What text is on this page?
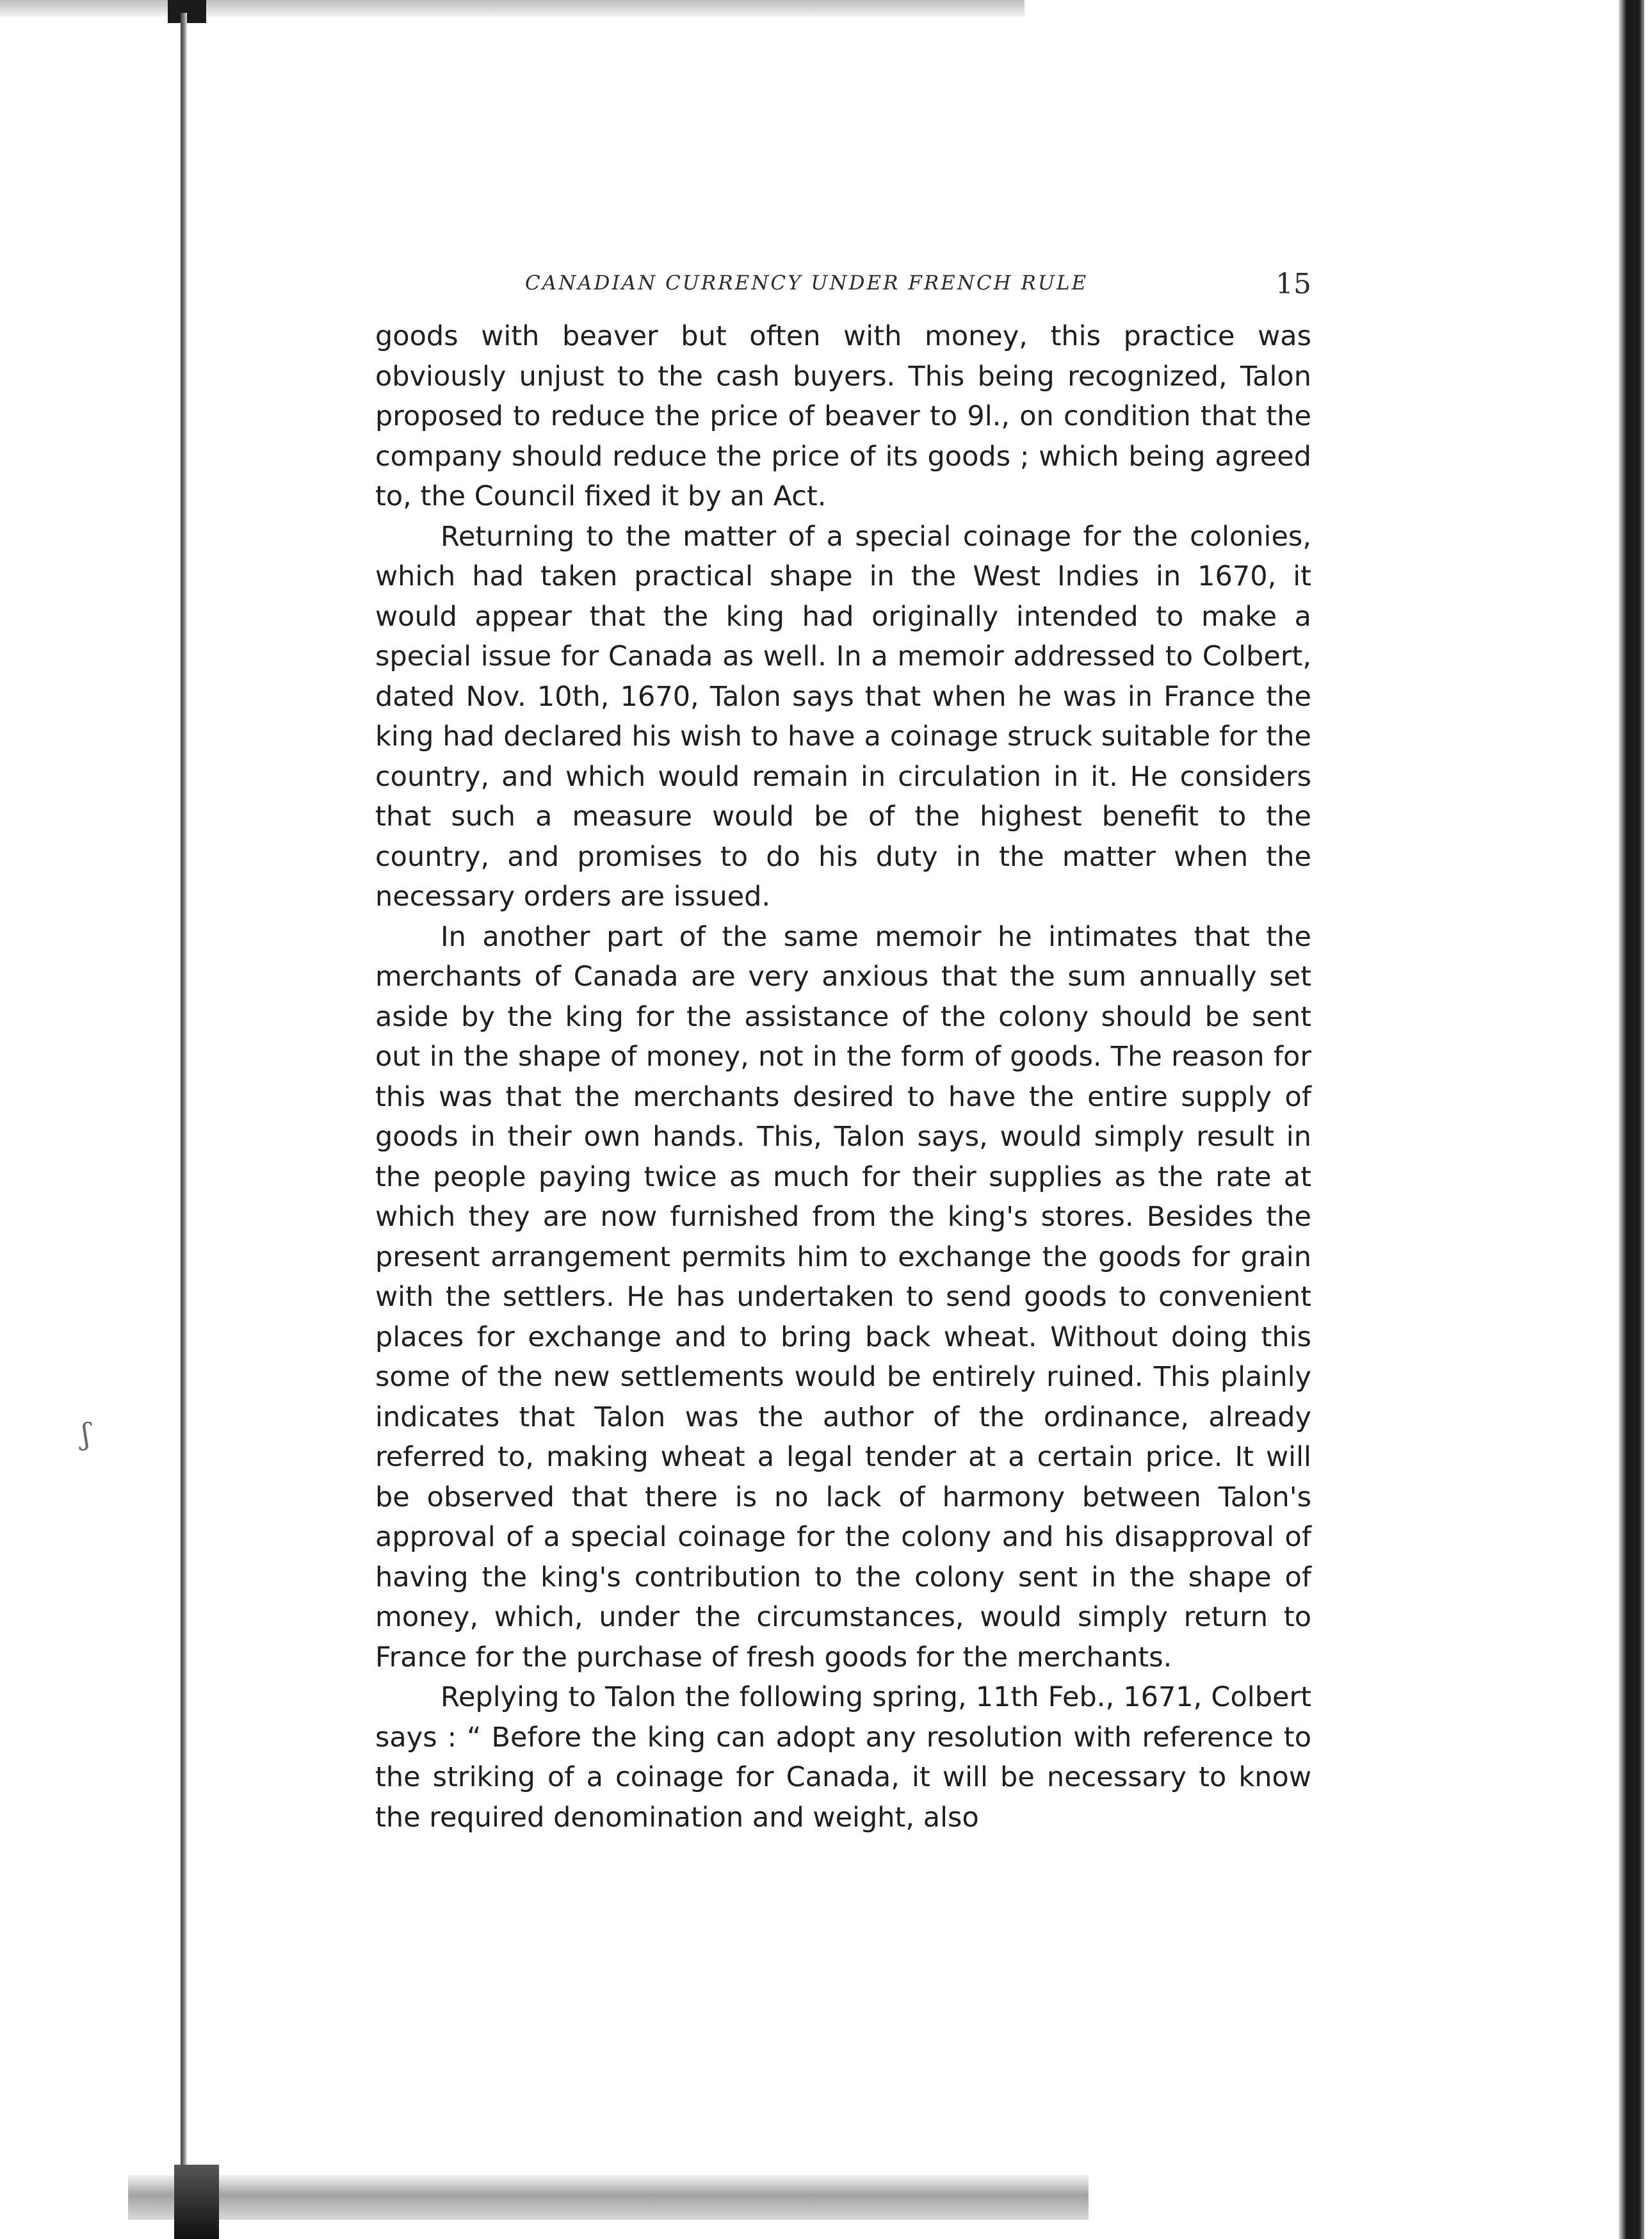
ʃ
CANADIAN CURRENCY UNDER FRENCH RULE	15

goods with beaver but often with money, this practice was obviously unjust to the cash buyers. This being recognized, Talon proposed to reduce the price of beaver to 9l., on condition that the company should reduce the price of its goods ; which being agreed to, the Council fixed it by an Act.

Returning to the matter of a special coinage for the colonies, which had taken practical shape in the West Indies in 1670, it would appear that the king had originally intended to make a special issue for Canada as well. In a memoir addressed to Colbert, dated Nov. 10th, 1670, Talon says that when he was in France the king had declared his wish to have a coinage struck suitable for the country, and which would remain in circulation in it. He considers that such a measure would be of the highest benefit to the country, and promises to do his duty in the matter when the necessary orders are issued.

In another part of the same memoir he intimates that the merchants of Canada are very anxious that the sum annually set aside by the king for the assistance of the colony should be sent out in the shape of money, not in the form of goods. The reason for this was that the merchants desired to have the entire supply of goods in their own hands. This, Talon says, would simply result in the people paying twice as much for their supplies as the rate at which they are now furnished from the king's stores. Besides the present arrangement permits him to exchange the goods for grain with the settlers. He has undertaken to send goods to convenient places for exchange and to bring back wheat. Without doing this some of the new settlements would be entirely ruined. This plainly indicates that Talon was the author of the ordinance, already referred to, making wheat a legal tender at a certain price. It will be observed that there is no lack of harmony between Talon's approval of a special coinage for the colony and his disapproval of having the king's contribution to the colony sent in the shape of money, which, under the circumstances, would simply return to France for the purchase of fresh goods for the merchants.

Replying to Talon the following spring, 11th Feb., 1671, Colbert says : “ Before the king can adopt any resolution with reference to the striking of a coinage for Canada, it will be necessary to know the required denomination and weight, also
